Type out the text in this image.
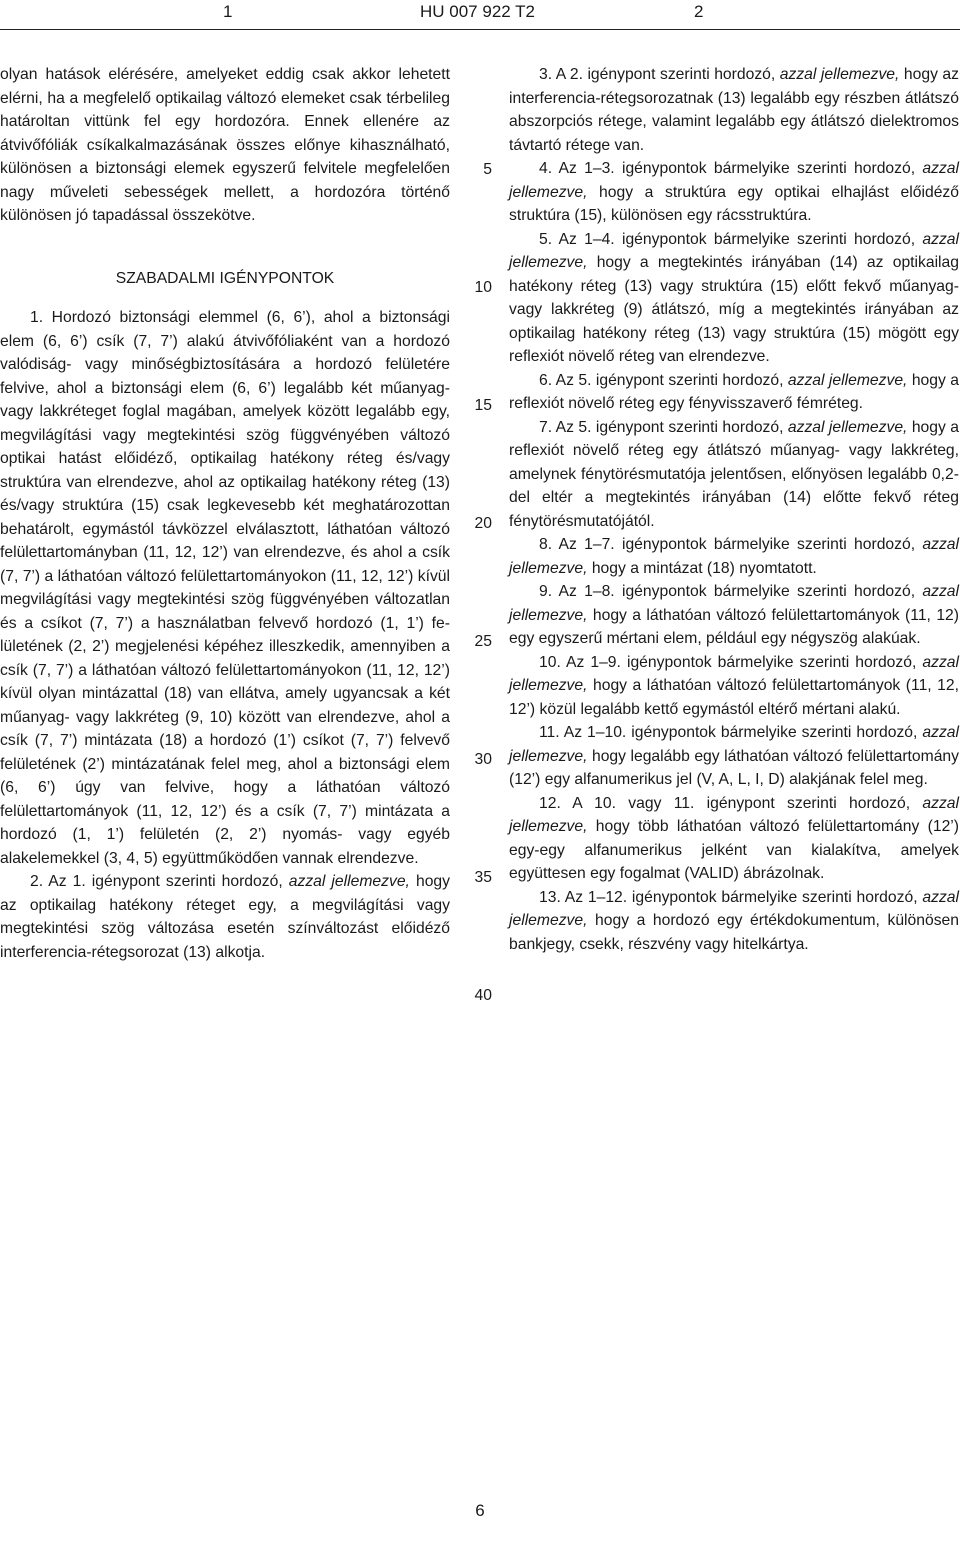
1	HU 007 922 T2	2

olyan hatások elérésére, amelyeket eddig csak akkor lehetett elérni, ha a megfelelő optikailag változó elemeket csak térbelileg határoltan vittünk fel egy hordozóra. Ennek ellenére az átvivőfóliák csíkalkalmazásának összes előnye kihasználható, különösen a biztonsági elemek egyszerű felvitele megfelelően nagy műveleti sebességek mellett, a hordozóra történő különösen jó tapadással összekötve.

SZABADALMI IGÉNYPONTOK

1. Hordozó biztonsági elemmel (6, 6’), ahol a biztonsági elem (6, 6’) csík (7, 7’) alakú átvivőfóliaként van a hordozó valódiság- vagy minőségbiztosítására a hordozó felületére felvive, ahol a biztonsági elem (6, 6’) legalább két műanyag- vagy lakkréteget foglal magában, amelyek között legalább egy, megvilágítási vagy megtekintési szög függvényében változó optikai hatást előidéző, optikailag hatékony réteg és/vagy struktúra van elrendezve, ahol az optikailag hatékony réteg (13) és/vagy struktúra (15) csak legkevesebb két meghatározottan behatárolt, egymástól távközzel elválasztott, láthatóan változó felülettartományban (11, 12, 12’) van elrendezve, és ahol a csík (7, 7’) a láthatóan változó felülettartományokon (11, 12, 12’) kívül megvilágítási vagy megtekintési szög függvényében változatlan és a csíkot (7, 7’) a használatban felvevő hordozó (1, 1’) felületének (2, 2’) megjelenési képéhez illeszkedik, amennyiben a csík (7, 7’) a láthatóan változó felülettartományokon (11, 12, 12’) kívül olyan mintázattal (18) van ellátva, amely ugyancsak a két műanyag- vagy lakkréteg (9, 10) között van elrendezve, ahol a csík (7, 7’) mintázata (18) a hordozó (1’) csíkot (7, 7’) felvevő felületének (2’) mintázatának felel meg, ahol a biztonsági elem (6, 6’) úgy van felvive, hogy a láthatóan változó felülettartományok (11, 12, 12’) és a csík (7, 7’) mintázata a hordozó (1, 1’) felületén (2, 2’) nyomás- vagy egyéb alakelemekkel (3, 4, 5) együttműködően vannak elrendezve.

2. Az 1. igénypont szerinti hordozó, azzal jellemezve, hogy az optikailag hatékony réteget egy, a megvilágítási vagy megtekintési szög változása esetén színváltozást előidéző interferencia-rétegsorozat (13) alkotja.

5
10
15
20
25
30
35
40

3. A 2. igénypont szerinti hordozó, azzal jellemezve, hogy az interferencia-rétegsorozatnak (13) legalább egy részben átlátszó abszorpciós rétege, valamint legalább egy átlátszó dielektromos távtartó rétege van.

4. Az 1–3. igénypontok bármelyike szerinti hordozó, azzal jellemezve, hogy a struktúra egy optikai elhajlást előidéző struktúra (15), különösen egy rácsstruktúra.

5. Az 1–4. igénypontok bármelyike szerinti hordozó, azzal jellemezve, hogy a megtekintés irányában (14) az optikailag hatékony réteg (13) vagy struktúra (15) előtt fekvő műanyag- vagy lakkréteg (9) átlátszó, míg a megtekintés irányában az optikailag hatékony réteg (13) vagy struktúra (15) mögött egy reflexiót növelő réteg van elrendezve.

6. Az 5. igénypont szerinti hordozó, azzal jellemezve, hogy a reflexiót növelő réteg egy fényvisszaverő fémréteg.

7. Az 5. igénypont szerinti hordozó, azzal jellemezve, hogy a reflexiót növelő réteg egy átlátszó műanyag- vagy lakkréteg, amelynek fénytörésmutatója jelentősen, előnyösen legalább 0,2-del eltér a megtekintés irányában (14) előtte fekvő réteg fénytörésmutatójától.

8. Az 1–7. igénypontok bármelyike szerinti hordozó, azzal jellemezve, hogy a mintázat (18) nyomtatott.

9. Az 1–8. igénypontok bármelyike szerinti hordozó, azzal jellemezve, hogy a láthatóan változó felülettartományok (11, 12) egy egyszerű mértani elem, például egy négyszög alakúak.

10. Az 1–9. igénypontok bármelyike szerinti hordozó, azzal jellemezve, hogy a láthatóan változó felülettartományok (11, 12, 12’) közül legalább kettő egymástól eltérő mértani alakú.

11. Az 1–10. igénypontok bármelyike szerinti hordozó, azzal jellemezve, hogy legalább egy láthatóan változó felülettartomány (12’) egy alfanumerikus jel (V, A, L, I, D) alakjának felel meg.

12. A 10. vagy 11. igénypont szerinti hordozó, azzal jellemezve, hogy több láthatóan változó felülettartomány (12’) egy-egy alfanumerikus jelként van kialakítva, amelyek együttesen egy fogalmat (VALID) ábrázolnak.

13. Az 1–12. igénypontok bármelyike szerinti hordozó, azzal jellemezve, hogy a hordozó egy értékdokumentum, különösen bankjegy, csekk, részvény vagy hitelkártya.

6
